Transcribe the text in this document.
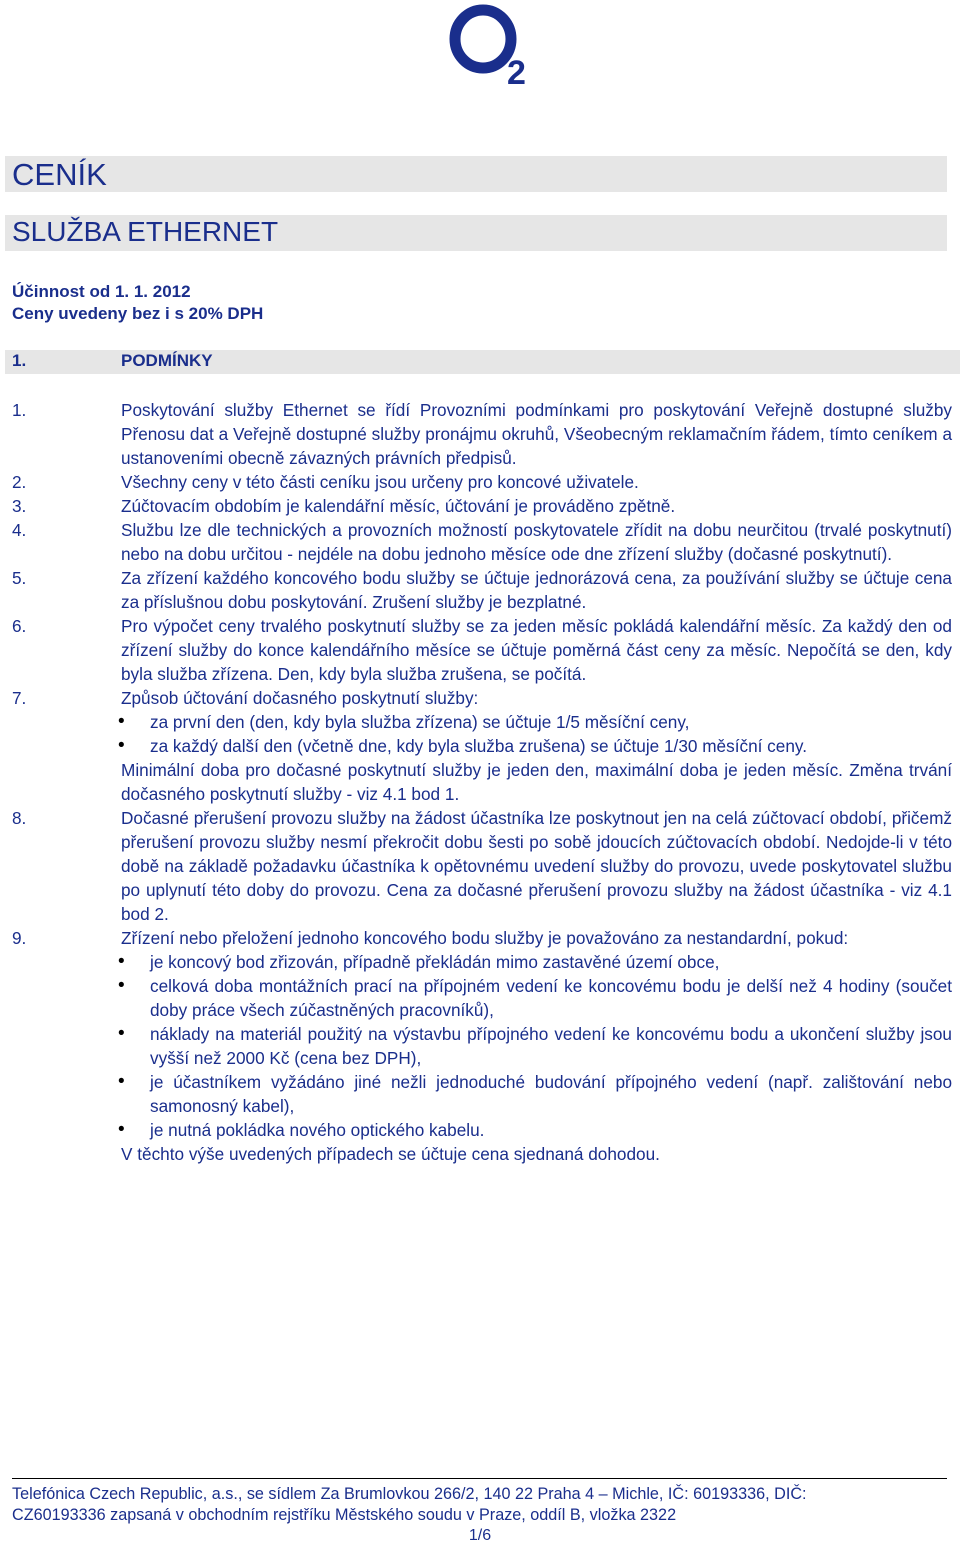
2
CENÍK
SLUŽBA ETHERNET
Účinnost od 1. 1. 2012
Ceny uvedeny bez i s 20% DPH
1.	PODMÍNKY
1.	Poskytování služby Ethernet se řídí Provozními podmínkami pro poskytování Veřejně dostupné služby Přenosu dat a Veřejně dostupné služby pronájmu okruhů, Všeobecným reklamačním řádem, tímto ceníkem a ustanoveními obecně závazných právních předpisů.

2.	Všechny ceny v této části ceníku jsou určeny pro koncové uživatele.

3.	Zúčtovacím obdobím je kalendářní měsíc, účtování je prováděno zpětně.

4.	Službu lze dle technických a provozních možností poskytovatele zřídit na dobu neurčitou (trvalé poskytnutí) nebo na dobu určitou - nejdéle na dobu jednoho měsíce ode dne zřízení služby (dočasné poskytnutí).

5.	Za zřízení každého koncového bodu služby se účtuje jednorázová cena, za používání služby se účtuje cena za příslušnou dobu poskytování. Zrušení služby je bezplatné.

6.	Pro výpočet ceny trvalého poskytnutí služby se za jeden měsíc pokládá kalendářní měsíc. Za každý den od zřízení služby do konce kalendářního měsíce se účtuje poměrná část ceny za měsíc. Nepočítá se den, kdy byla služba zřízena. Den, kdy byla služba zrušena, se počítá.

7.	Způsob účtování dočasného poskytnutí služby:

• za první den (den, kdy byla služba zřízena) se účtuje 1/5 měsíční ceny,
• za každý další den (včetně dne, kdy byla služba zrušena) se účtuje 1/30 měsíční ceny.

Minimální doba pro dočasné poskytnutí služby je jeden den, maximální doba je jeden měsíc. Změna trvání dočasného poskytnutí služby - viz 4.1 bod 1.

8.	Dočasné přerušení provozu služby na žádost účastníka lze poskytnout jen na celá zúčtovací období, přičemž přerušení provozu služby nesmí překročit dobu šesti po sobě jdoucích zúčtovacích období. Nedojde-li v této době na základě požadavku účastníka k opětovnému uvedení služby do provozu, uvede poskytovatel službu po uplynutí této doby do provozu. Cena za dočasné přerušení provozu služby na žádost účastníka - viz 4.1 bod 2.

9.	Zřízení nebo přeložení jednoho koncového bodu služby je považováno za nestandardní, pokud:

• je koncový bod zřizován, případně překládán mimo zastavěné území obce,
• celková doba montážních prací na přípojném vedení ke koncovému bodu je delší než 4 hodiny (součet doby práce všech zúčastněných pracovníků),
• náklady na materiál použitý na výstavbu přípojného vedení ke koncovému bodu a ukončení služby jsou vyšší než 2000 Kč (cena bez DPH),
• je účastníkem vyžádáno jiné nežli jednoduché budování přípojného vedení (např. zalištování nebo samonosný kabel),
• je nutná pokládka nového optického kabelu.

V těchto výše uvedených případech se účtuje cena sjednaná dohodou.

Telefónica Czech Republic, a.s., se sídlem Za Brumlovkou 266/2, 140 22 Praha 4 – Michle, IČ: 60193336, DIČ:
CZ60193336 zapsaná v obchodním rejstříku Městského soudu v Praze, oddíl B, vložka 2322
1/6
